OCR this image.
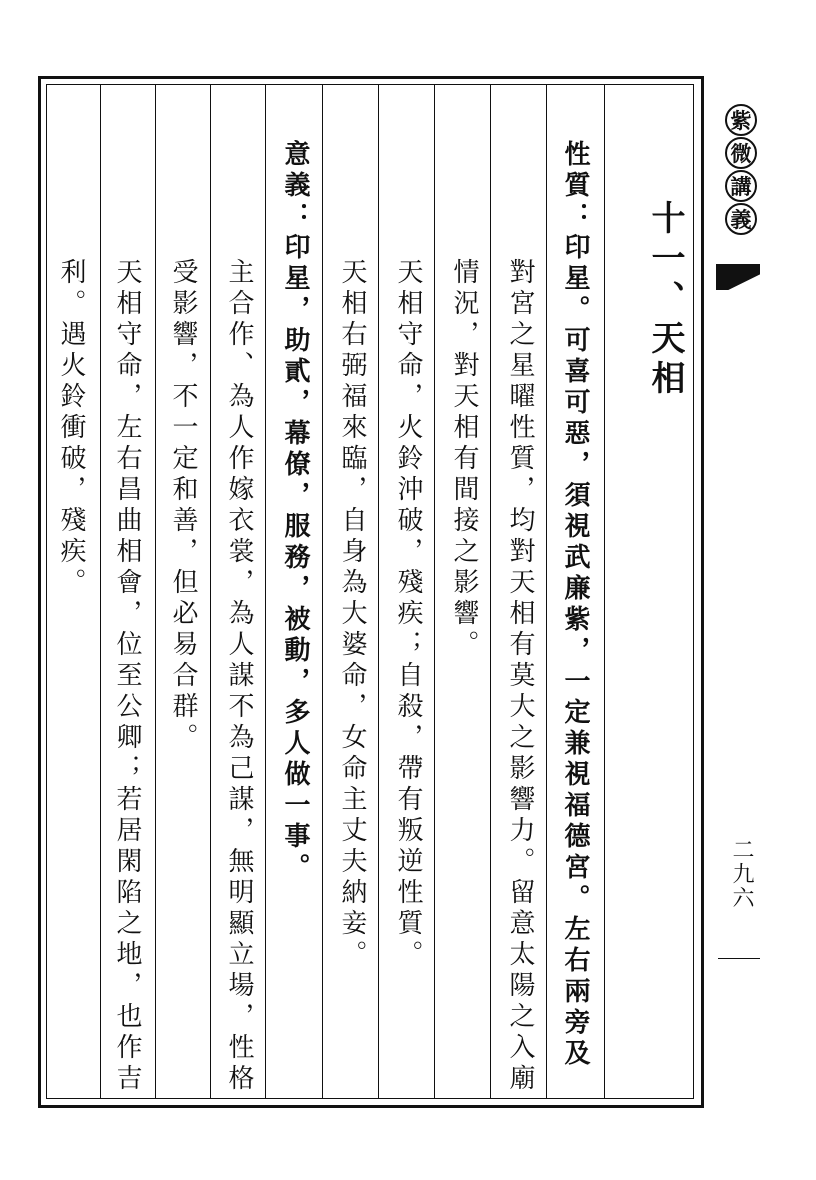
十一、天相
性質：印星。可喜可惡，須視武廉紫，一定兼視福德宮。左右兩旁及
對宮之星曜性質，均對天相有莫大之影響力。留意太陽之入廟
情況，對天相有間接之影響。
天相守命，火鈴沖破，殘疾；自殺，帶有叛逆性質。
天相右弼福來臨，自身為大婆命，女命主丈夫納妾。
意義：印星，助貳，幕僚，服務，被動，多人做一事。
主合作、為人作嫁衣裳，為人謀不為己謀，無明顯立場，性格
受影響，不一定和善，但必易合群。
天相守命，左右昌曲相會，位至公卿；若居閑陷之地，也作吉
利。遇火鈴衝破，殘疾。
紫
微
講
義
二九六
